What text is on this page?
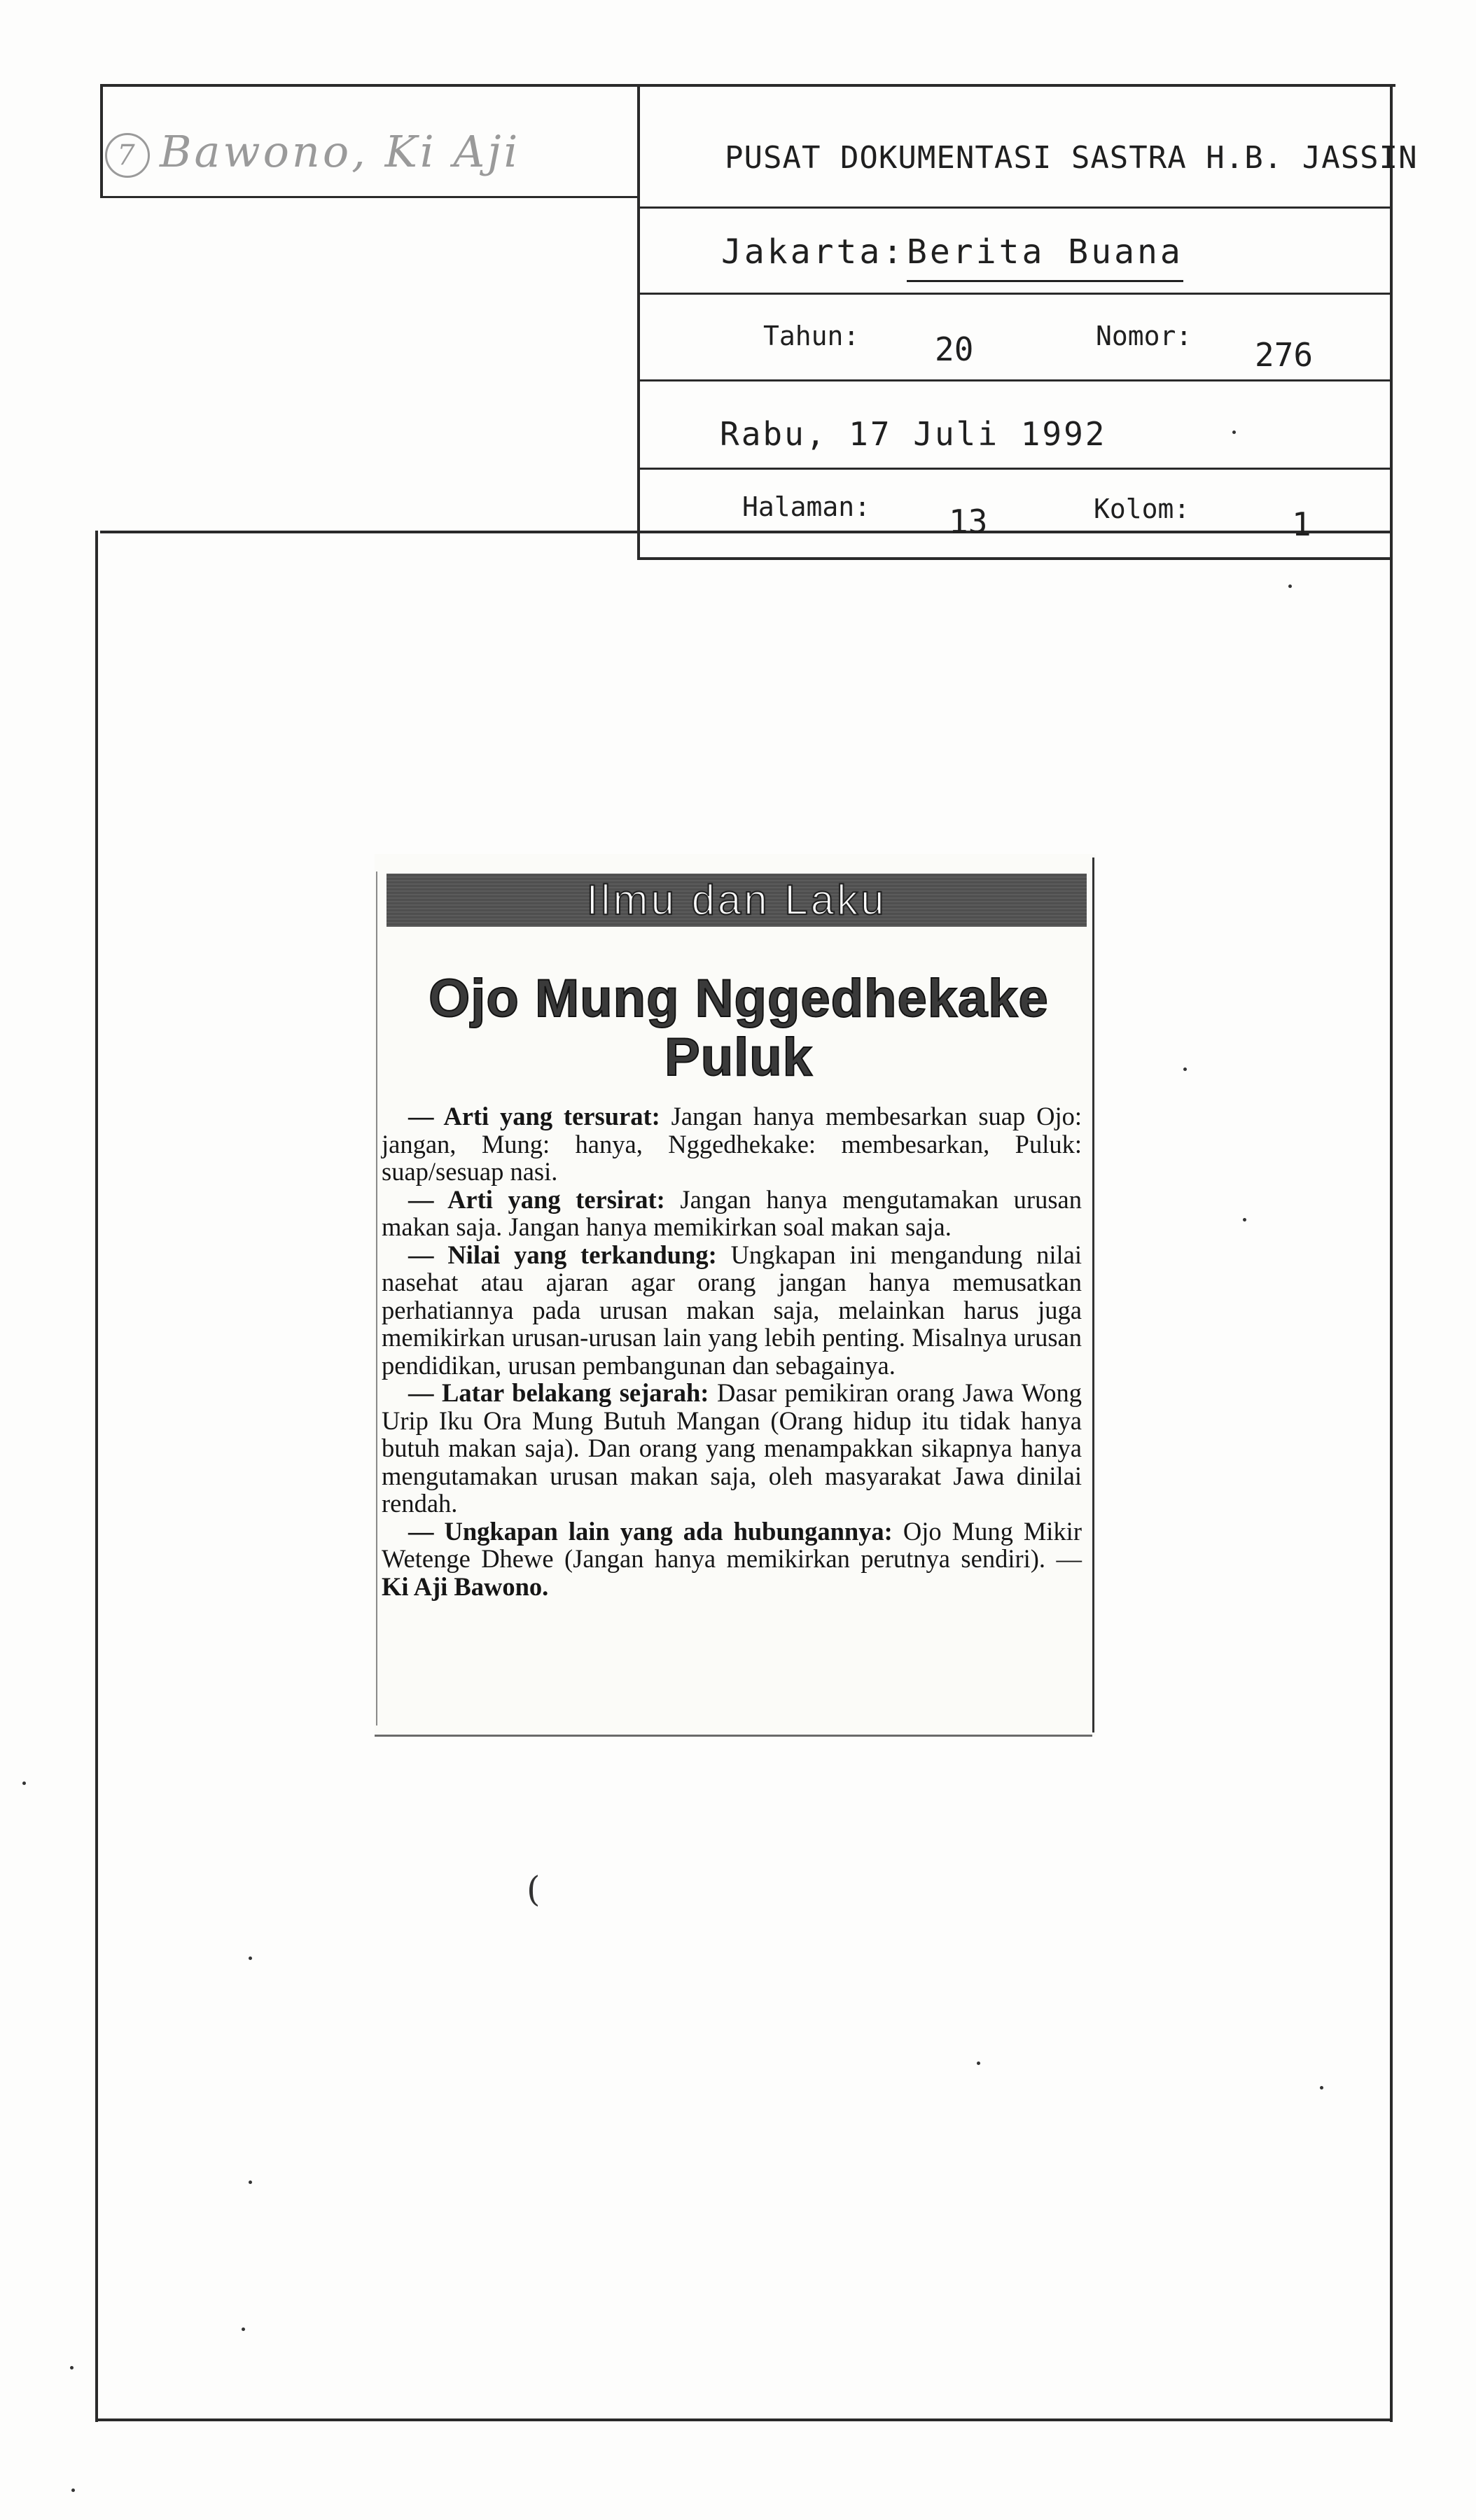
7 Bawono, Ki Aji	PUSAT DOKUMENTASI SASTRA H.B. JASSIN
Jakarta: Berita Buana
Tahun: 20	Nomor: 276
Rabu, 17 Juli 1992
Halaman: 13	Kolom:	1
Ilmu dan Laku
Ojo Mung Nggedhekake Puluk

— Arti yang tersurat: Jangan hanya membesarkan suap Ojo: jangan, Mung: hanya, Nggedhekake: membesarkan, Puluk: suap/sesuap nasi.

— Arti yang tersirat: Jangan hanya mengutamakan urusan makan saja. Jangan hanya memikirkan soal makan saja.

— Nilai yang terkandung: Ungkapan ini mengandung nilai nasehat atau ajaran agar orang jangan hanya memusatkan perhatiannya pada urusan makan saja, melainkan harus juga memikirkan urusan-urusan lain yang lebih penting. Misalnya urusan pendidikan, urusan pembangunan dan sebagainya.

— Latar belakang sejarah: Dasar pemikiran orang Jawa Wong Urip Iku Ora Mung Butuh Mangan (Orang hidup itu tidak hanya butuh makan saja). Dan orang yang menampakkan sikapnya hanya mengutamakan urusan makan saja, oleh masyarakat Jawa dinilai rendah.

— Ungkapan lain yang ada hubungannya: Ojo Mung Mikir Wetenge Dhewe (Jangan hanya memikirkan perutnya sendiri). — Ki Aji Bawono.

(
